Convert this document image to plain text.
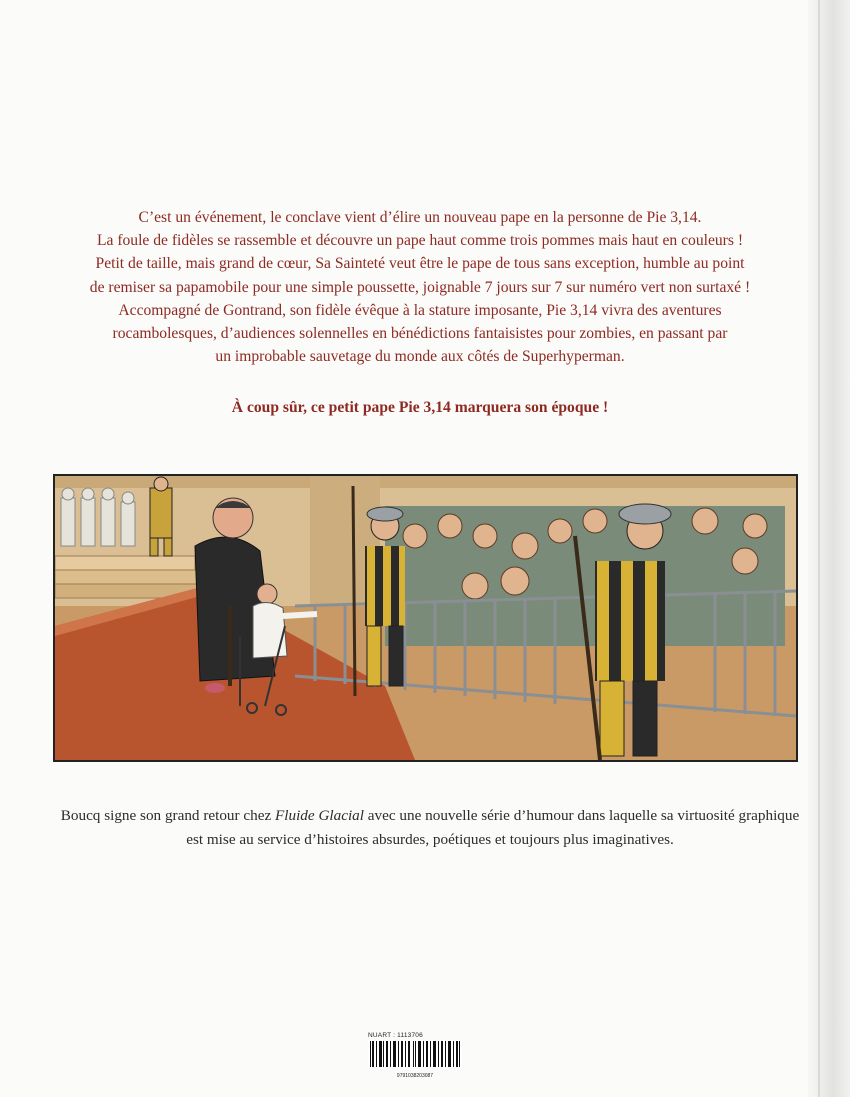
C’est un événement, le conclave vient d’élire un nouveau pape en la personne de Pie 3,14.

La foule de fidèles se rassemble et découvre un pape haut comme trois pommes mais haut en couleurs !

Petit de taille, mais grand de cœur, Sa Sainteté veut être le pape de tous sans exception, humble au point

de remiser sa papamobile pour une simple poussette, joignable 7 jours sur 7 sur numéro vert non surtaxé !

Accompagné de Gontrand, son fidèle évêque à la stature imposante, Pie 3,14 vivra des aventures

rocambolesques, d’audiences solennelles en bénédictions fantaisistes pour zombies, en passant par

un improbable sauvetage du monde aux côtés de Superhyperman.

À coup sûr, ce petit pape Pie 3,14 marquera son époque !

Boucq signe son grand retour chez Fluide Glacial avec une nouvelle série d’humour dans laquelle sa virtuosité graphique

est mise au service d’histoires absurdes, poétiques et toujours plus imaginatives.

NUART : 1113706
9791038203087
